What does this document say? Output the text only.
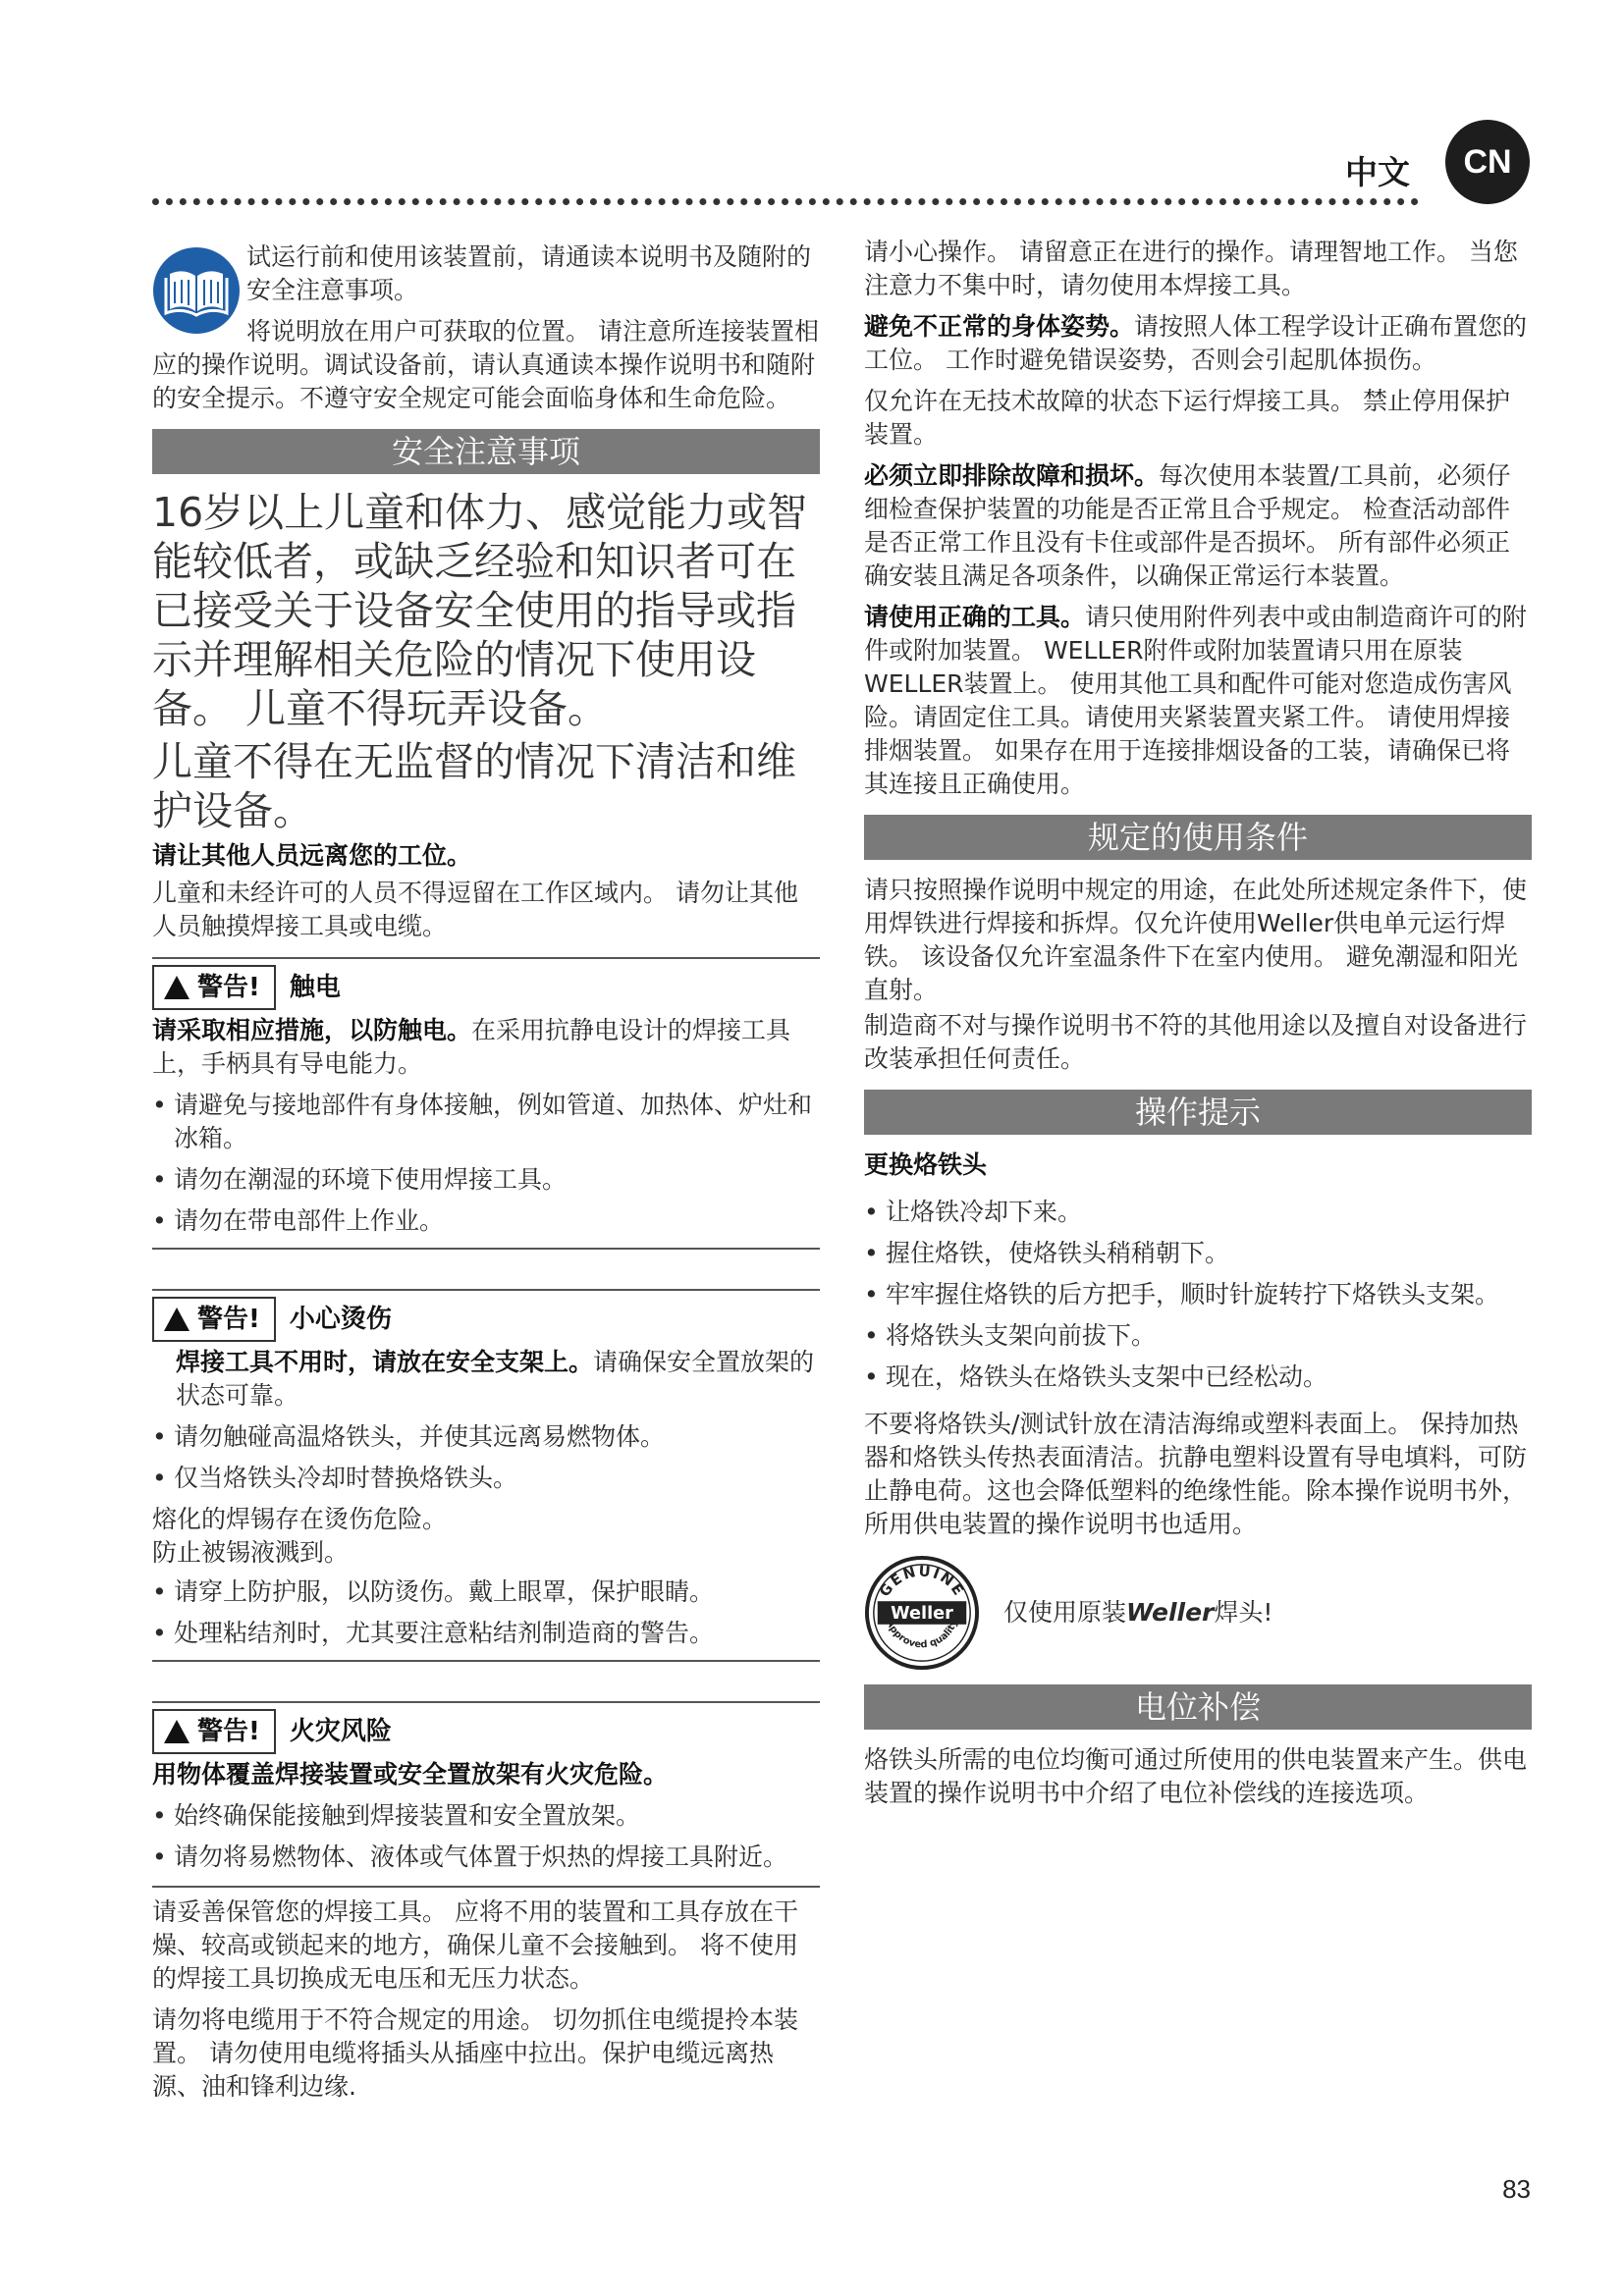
中文	CN

试运行前和使用该装置前，请通读本说明书及随附的安全注意事项。

将说明放在用户可获取的位置。 请注意所连接装置相应的操作说明。调试设备前，请认真通读本操作说明书和随附的安全提示。不遵守安全规定可能会面临身体和生命危险。

安全注意事项

16岁以上儿童和体力、感觉能力或智能较低者，或缺乏经验和知识者可在已接受关于设备安全使用的指导或指示并理解相关危险的情况下使用设备。 儿童不得玩弄设备。

儿童不得在无监督的情况下清洁和维护设备。

请让其他人员远离您的工位。

儿童和未经许可的人员不得逗留在工作区域内。 请勿让其他人员触摸焊接工具或电缆。

警告!	触电

请采取相应措施，以防触电。在采用抗静电设计的焊接工具上，手柄具有导电能力。

• 请避免与接地部件有身体接触，例如管道、加热体、炉灶和冰箱。
• 请勿在潮湿的环境下使用焊接工具。
• 请勿在带电部件上作业。
警告!	小心烫伤

焊接工具不用时，请放在安全支架上。请确保安全置放架的状态可靠。

• 请勿触碰高温烙铁头，并使其远离易燃物体。
• 仅当烙铁头冷却时替换烙铁头。

熔化的焊锡存在烫伤危险。

防止被锡液溅到。

• 请穿上防护服，以防烫伤。戴上眼罩，保护眼睛。
• 处理粘结剂时，尤其要注意粘结剂制造商的警告。
警告!	火灾风险

用物体覆盖焊接装置或安全置放架有火灾危险。

• 始终确保能接触到焊接装置和安全置放架。
• 请勿将易燃物体、液体或气体置于炽热的焊接工具附近。

请妥善保管您的焊接工具。 应将不用的装置和工具存放在干燥、较高或锁起来的地方，确保儿童不会接触到。 将不使用的焊接工具切换成无电压和无压力状态。

请勿将电缆用于不符合规定的用途。 切勿抓住电缆提拎本装置。 请勿使用电缆将插头从插座中拉出。保护电缆远离热源、油和锋利边缘.

请小心操作。 请留意正在进行的操作。请理智地工作。 当您注意力不集中时，请勿使用本焊接工具。

避免不正常的身体姿势。请按照人体工程学设计正确布置您的工位。 工作时避免错误姿势，否则会引起肌体损伤。

仅允许在无技术故障的状态下运行焊接工具。 禁止停用保护装置。

必须立即排除故障和损坏。每次使用本装置/工具前，必须仔细检查保护装置的功能是否正常且合乎规定。 检查活动部件是否正常工作且没有卡住或部件是否损坏。 所有部件必须正确安装且满足各项条件，以确保正常运行本装置。

请使用正确的工具。请只使用附件列表中或由制造商许可的附件或附加装置。 WELLER附件或附加装置请只用在原装WELLER装置上。 使用其他工具和配件可能对您造成伤害风险。请固定住工具。请使用夹紧装置夹紧工件。 请使用焊接排烟装置。 如果存在用于连接排烟设备的工装，请确保已将其连接且正确使用。

规定的使用条件

请只按照操作说明中规定的用途，在此处所述规定条件下，使用焊铁进行焊接和拆焊。仅允许使用Weller供电单元运行焊铁。 该设备仅允许室温条件下在室内使用。 避免潮湿和阳光直射。

制造商不对与操作说明书不符的其他用途以及擅自对设备进行改装承担任何责任。

操作提示

更换烙铁头

• 让烙铁冷却下来。
• 握住烙铁，使烙铁头稍稍朝下。
• 牢牢握住烙铁的后方把手，顺时针旋转拧下烙铁头支架。
• 将烙铁头支架向前拔下。
• 现在，烙铁头在烙铁头支架中已经松动。

不要将烙铁头/测试针放在清洁海绵或塑料表面上。 保持加热器和烙铁头传热表面清洁。抗静电塑料设置有导电填料，可防止静电荷。这也会降低塑料的绝缘性能。除本操作说明书外，所用供电装置的操作说明书也适用。

GENUINE
Weller
Approved quality 仅使用原装Weller焊头!
电位补偿

烙铁头所需的电位均衡可通过所使用的供电装置来产生。供电装置的操作说明书中介绍了电位补偿线的连接选项。

83
